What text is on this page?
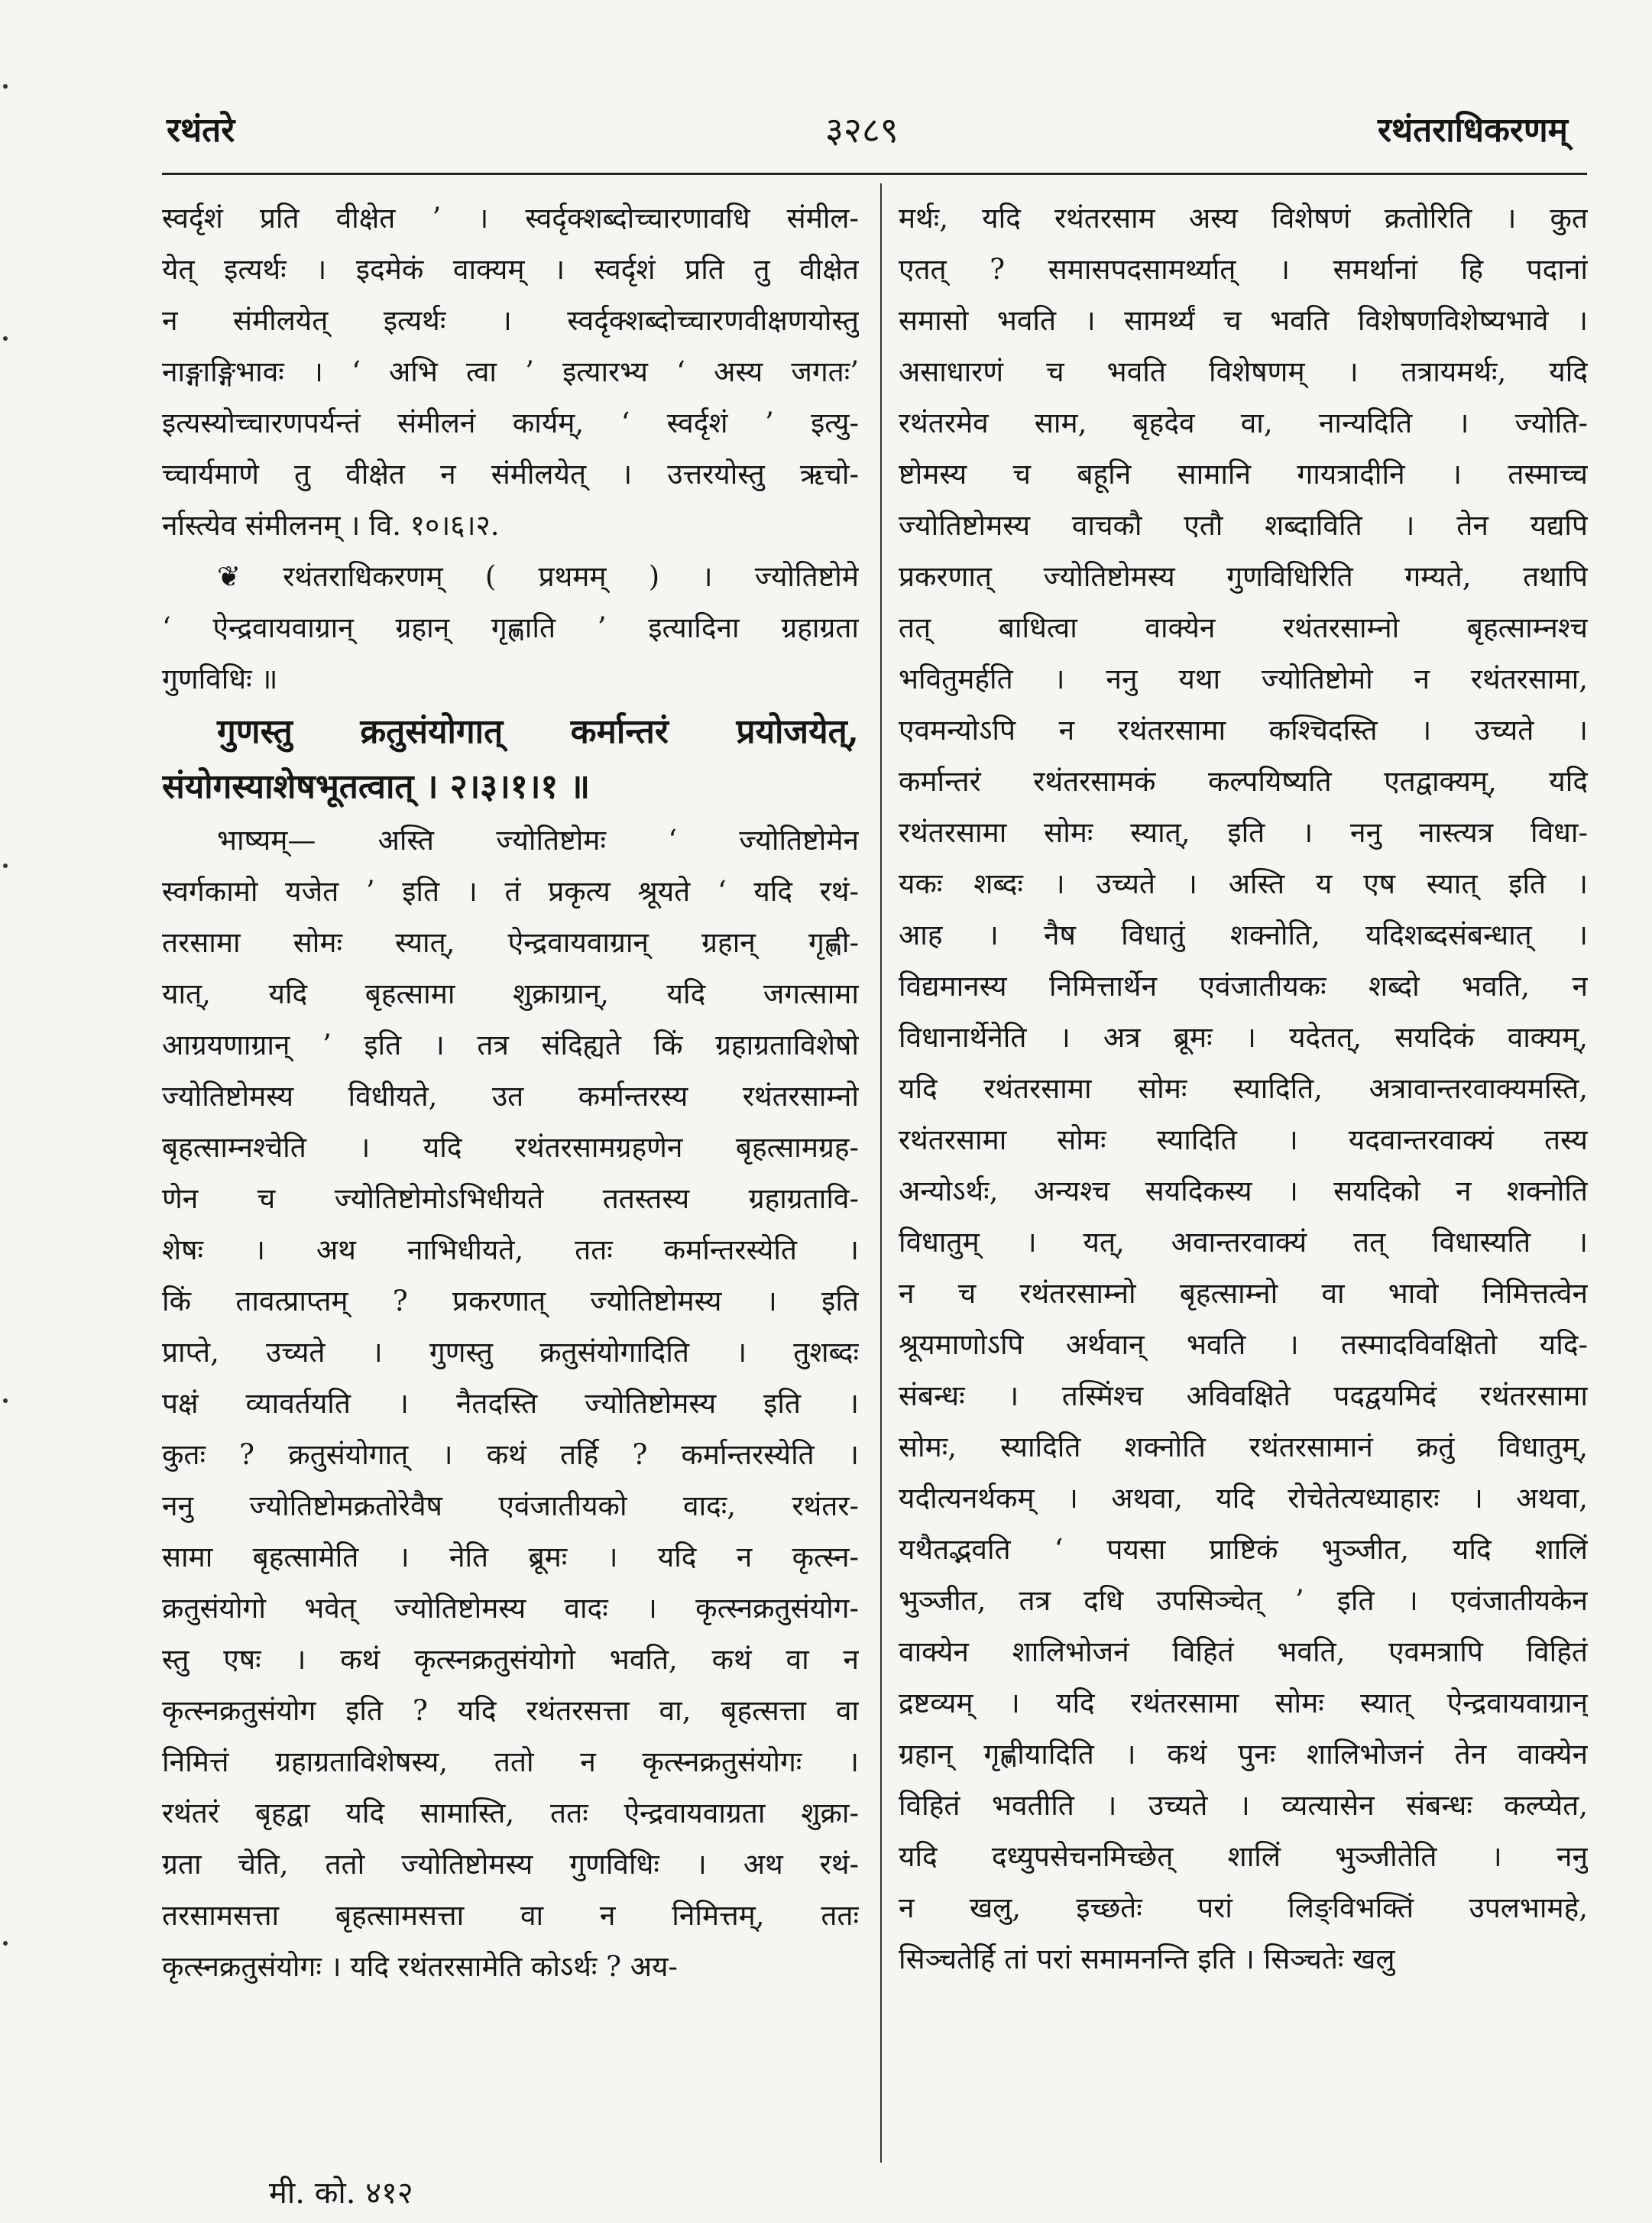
रथंतरे	३२८९	रथंतराधिकरणम्
स्वर्दृशं प्रति वीक्षेत ’ । स्वर्दृक्शब्दोच्चारणावधि संमील-
येत् इत्यर्थः । इदमेकं वाक्यम् । स्वर्दृशं प्रति तु वीक्षेत
न संमीलयेत् इत्यर्थः । स्वर्दृक्शब्दोच्चारणवीक्षणयोस्तु
नाङ्गाङ्गिभावः । ‘ अभि त्वा ’ इत्यारभ्य ‘ अस्य जगतः’
इत्यस्योच्चारणपर्यन्तं संमीलनं कार्यम्, ‘ स्वर्दृशं ’ इत्यु-
च्चार्यमाणे तु वीक्षेत न संमीलयेत् । उत्तरयोस्तु ऋचो-
र्नास्त्येव संमीलनम् । वि. १०।६।२.
❦ रथंतराधिकरणम् ( प्रथमम् ) । ज्योतिष्टोमे
‘ ऐन्द्रवायवाग्रान् ग्रहान् गृह्णाति ’ इत्यादिना ग्रहाग्रता
गुणविधिः ॥
गुणस्तु क्रतुसंयोगात् कर्मान्तरं प्रयोजयेत्,
संयोगस्याशेषभूतत्वात् । २।३।१।१ ॥
भाष्यम्— अस्ति ज्योतिष्टोमः ‘ ज्योतिष्टोमेन
स्वर्गकामो यजेत ’ इति । तं प्रकृत्य श्रूयते ‘ यदि रथं-
तरसामा सोमः स्यात्, ऐन्द्रवायवाग्रान् ग्रहान् गृह्णी-
यात्, यदि बृहत्सामा शुक्राग्रान्, यदि जगत्सामा
आग्रयणाग्रान् ’ इति । तत्र संदिह्यते किं ग्रहाग्रताविशेषो
ज्योतिष्टोमस्य विधीयते, उत कर्मान्तरस्य रथंतरसाम्नो
बृहत्साम्नश्चेति । यदि रथंतरसामग्रहणेन बृहत्सामग्रह-
णेन च ज्योतिष्टोमोऽभिधीयते ततस्तस्य ग्रहाग्रतावि-
शेषः । अथ नाभिधीयते, ततः कर्मान्तरस्येति ।
किं तावत्प्राप्तम् ? प्रकरणात् ज्योतिष्टोमस्य । इति
प्राप्ते, उच्यते । गुणस्तु क्रतुसंयोगादिति । तुशब्दः
पक्षं व्यावर्तयति । नैतदस्ति ज्योतिष्टोमस्य इति ।
कुतः ? क्रतुसंयोगात् । कथं तर्हि ? कर्मान्तरस्येति ।
ननु ज्योतिष्टोमक्रतोरेवैष एवंजातीयको वादः, रथंतर-
सामा बृहत्सामेति । नेति ब्रूमः । यदि न कृत्स्न-
क्रतुसंयोगो भवेत् ज्योतिष्टोमस्य वादः । कृत्स्नक्रतुसंयोग-
स्तु एषः । कथं कृत्स्नक्रतुसंयोगो भवति, कथं वा न
कृत्स्नक्रतुसंयोग इति ? यदि रथंतरसत्ता वा, बृहत्सत्ता वा
निमित्तं ग्रहाग्रताविशेषस्य, ततो न कृत्स्नक्रतुसंयोगः ।
रथंतरं बृहद्वा यदि सामास्ति, ततः ऐन्द्रवायवाग्रता शुक्रा-
ग्रता चेति, ततो ज्योतिष्टोमस्य गुणविधिः । अथ रथं-
तरसामसत्ता बृहत्सामसत्ता वा न निमित्तम्, ततः
कृत्स्नक्रतुसंयोगः । यदि रथंतरसामेति कोऽर्थः ? अय-
मर्थः, यदि रथंतरसाम अस्य विशेषणं क्रतोरिति । कुत
एतत् ? समासपदसामर्थ्यात् । समर्थानां हि पदानां
समासो भवति । सामर्थ्यं च भवति विशेषणविशेष्यभावे ।
असाधारणं च भवति विशेषणम् । तत्रायमर्थः, यदि
रथंतरमेव साम, बृहदेव वा, नान्यदिति । ज्योति-
ष्टोमस्य च बहूनि सामानि गायत्रादीनि । तस्माच्च
ज्योतिष्टोमस्य वाचकौ एतौ शब्दाविति । तेन यद्यपि
प्रकरणात् ज्योतिष्टोमस्य गुणविधिरिति गम्यते, तथापि
तत् बाधित्वा वाक्येन रथंतरसाम्नो बृहत्साम्नश्च
भवितुमर्हति । ननु यथा ज्योतिष्टोमो न रथंतरसामा,
एवमन्योऽपि न रथंतरसामा कश्चिदस्ति । उच्यते ।
कर्मान्तरं रथंतरसामकं कल्पयिष्यति एतद्वाक्यम्, यदि
रथंतरसामा सोमः स्यात्, इति । ननु नास्त्यत्र विधा-
यकः शब्दः । उच्यते । अस्ति य एष स्यात् इति ।
आह । नैष विधातुं शक्नोति, यदिशब्दसंबन्धात् ।
विद्यमानस्य निमित्तार्थेन एवंजातीयकः शब्दो भवति, न
विधानार्थेनेति । अत्र ब्रूमः । यदेतत्, सयदिकं वाक्यम्,
यदि रथंतरसामा सोमः स्यादिति, अत्रावान्तरवाक्यमस्ति,
रथंतरसामा सोमः स्यादिति । यदवान्तरवाक्यं तस्य
अन्योऽर्थः, अन्यश्च सयदिकस्य । सयदिको न शक्नोति
विधातुम् । यत्, अवान्तरवाक्यं तत् विधास्यति ।
न च रथंतरसाम्नो बृहत्साम्नो वा भावो निमित्तत्वेन
श्रूयमाणोऽपि अर्थवान् भवति । तस्मादविवक्षितो यदि-
संबन्धः । तस्मिंश्च अविवक्षिते पदद्वयमिदं रथंतरसामा
सोमः, स्यादिति शक्नोति रथंतरसामानं क्रतुं विधातुम्,
यदीत्यनर्थकम् । अथवा, यदि रोचेतेत्यध्याहारः । अथवा,
यथैतद्भवति ‘ पयसा प्राष्टिकं भुञ्जीत, यदि शालिं
भुञ्जीत, तत्र दधि उपसिञ्चेत् ’ इति । एवंजातीयकेन
वाक्येन शालिभोजनं विहितं भवति, एवमत्रापि विहितं
द्रष्टव्यम् । यदि रथंतरसामा सोमः स्यात् ऐन्द्रवायवाग्रान्
ग्रहान् गृह्णीयादिति । कथं पुनः शालिभोजनं तेन वाक्येन
विहितं भवतीति । उच्यते । व्यत्यासेन संबन्धः कल्प्येत,
यदि दध्युपसेचनमिच्छेत् शालिं भुञ्जीतेति । ननु
न खलु, इच्छतेः परां लिङ्विभक्तिं उपलभामहे,
सिञ्चतेर्हि तां परां समामनन्ति इति । सिञ्चतेः खलु
मी. को. ४१२
